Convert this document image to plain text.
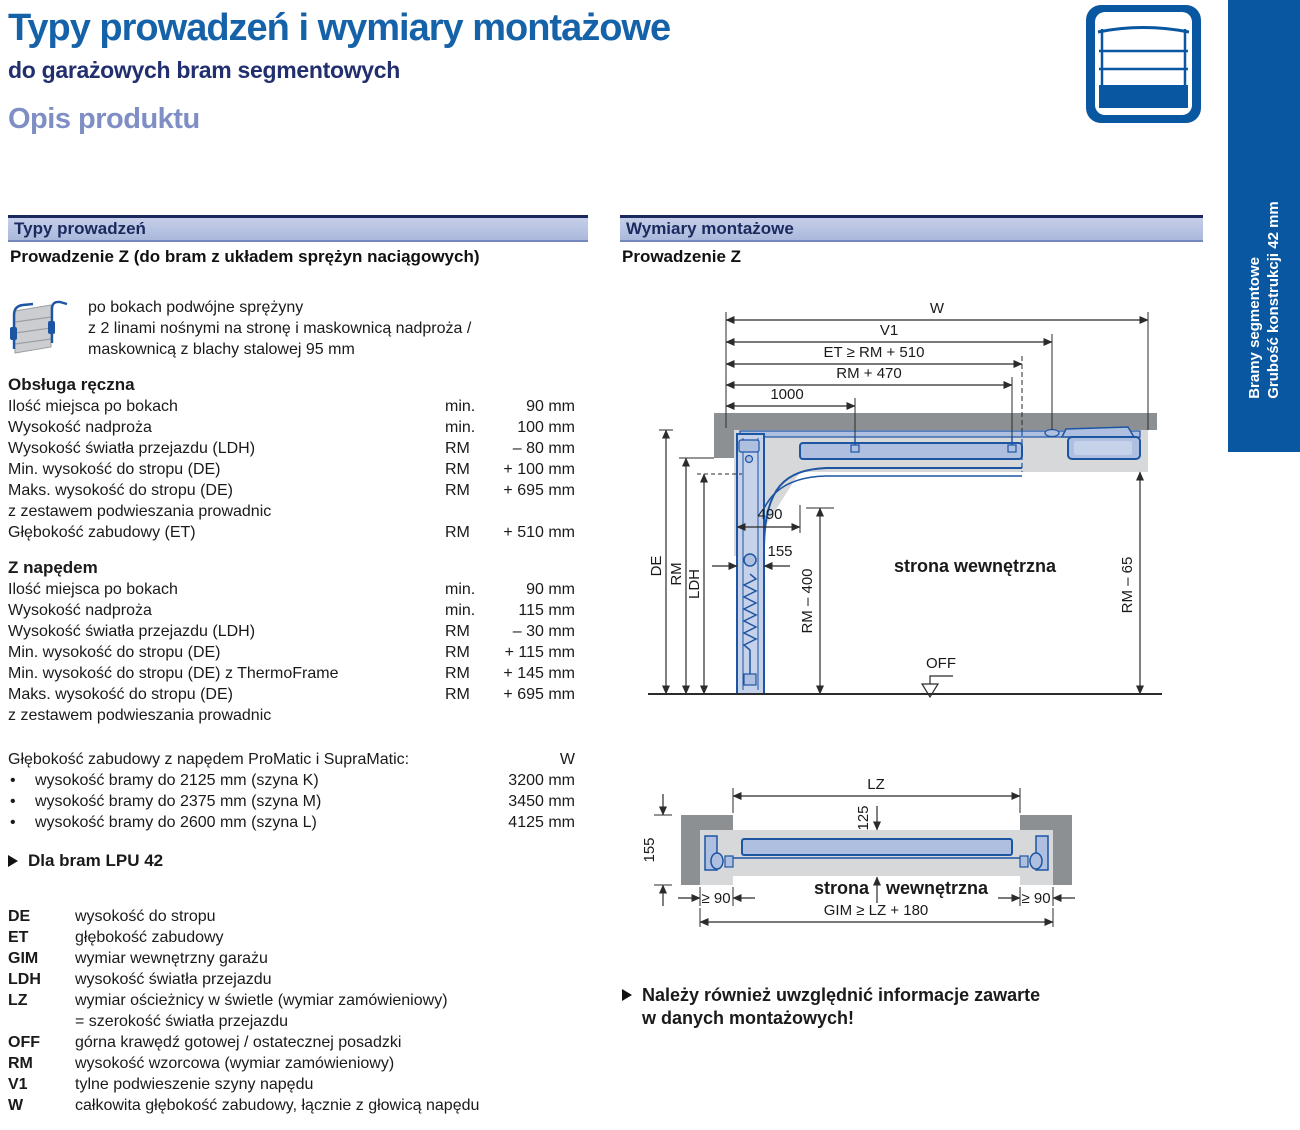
Typy prowadzeń i wymiary montażowe
do garażowych bram segmentowych
Opis produktu
Bramy segmentowe Grubość konstrukcji 42 mm
Typy prowadzeń
Prowadzenie Z (do bram z układem sprężyn naciągowych)
po bokach podwójne sprężyny
z 2 linami nośnymi na stronę i maskownicą nadproża /
maskownicą z blachy stalowej 95 mm
Obsługa ręczna
Ilość miejsca po bokach	min.	90 mm
Wysokość nadproża	min.	100 mm
Wysokość światła przejazdu (LDH)	RM	– 80 mm
Min. wysokość do stropu (DE)	RM + 100 mm
Maks. wysokość do stropu (DE)	RM + 695 mm
z zestawem podwieszania prowadnic
Głębokość zabudowy (ET)	RM + 510 mm
Z napędem
Ilość miejsca po bokach	min.	90 mm
Wysokość nadproża	min.	115 mm
Wysokość światła przejazdu (LDH)	RM	– 30 mm
Min. wysokość do stropu (DE)	RM + 115 mm
Min. wysokość do stropu (DE) z ThermoFrame	RM + 145 mm
Maks. wysokość do stropu (DE)	RM + 695 mm
z zestawem podwieszania prowadnic
Głębokość zabudowy z napędem ProMatic i SupraMatic:	W
• wysokość bramy do 2125 mm (szyna K)	3200 mm
• wysokość bramy do 2375 mm (szyna M)	3450 mm
• wysokość bramy do 2600 mm (szyna L)	4125 mm
Dla bram LPU 42
DE	wysokość do stropu
ET	głębokość zabudowy
GIM wymiar wewnętrzny garażu
LDH wysokość światła przejazdu
LZ	wymiar ościeżnicy w świetle (wymiar zamówieniowy)
= szerokość światła przejazdu
OFF górna krawędź gotowej / ostatecznej posadzki
RM	wysokość wzorcowa (wymiar zamówieniowy)
V1	tylne podwieszenie szyny napędu
W	całkowita głębokość zabudowy, łącznie z głowicą napędu
Wymiary montażowe
Prowadzenie Z
W
V1
ET ≥ RM + 510
RM + 470
1000
DE RM LDH
490
155
RM – 400
strona wewnętrzna
OFF
RM – 65
LZ
125
155
strona wewnętrzna
≥ 90	≥ 90
GIM ≥ LZ + 180
Należy również uwzględnić informacje zawarte
w danych montażowych!
